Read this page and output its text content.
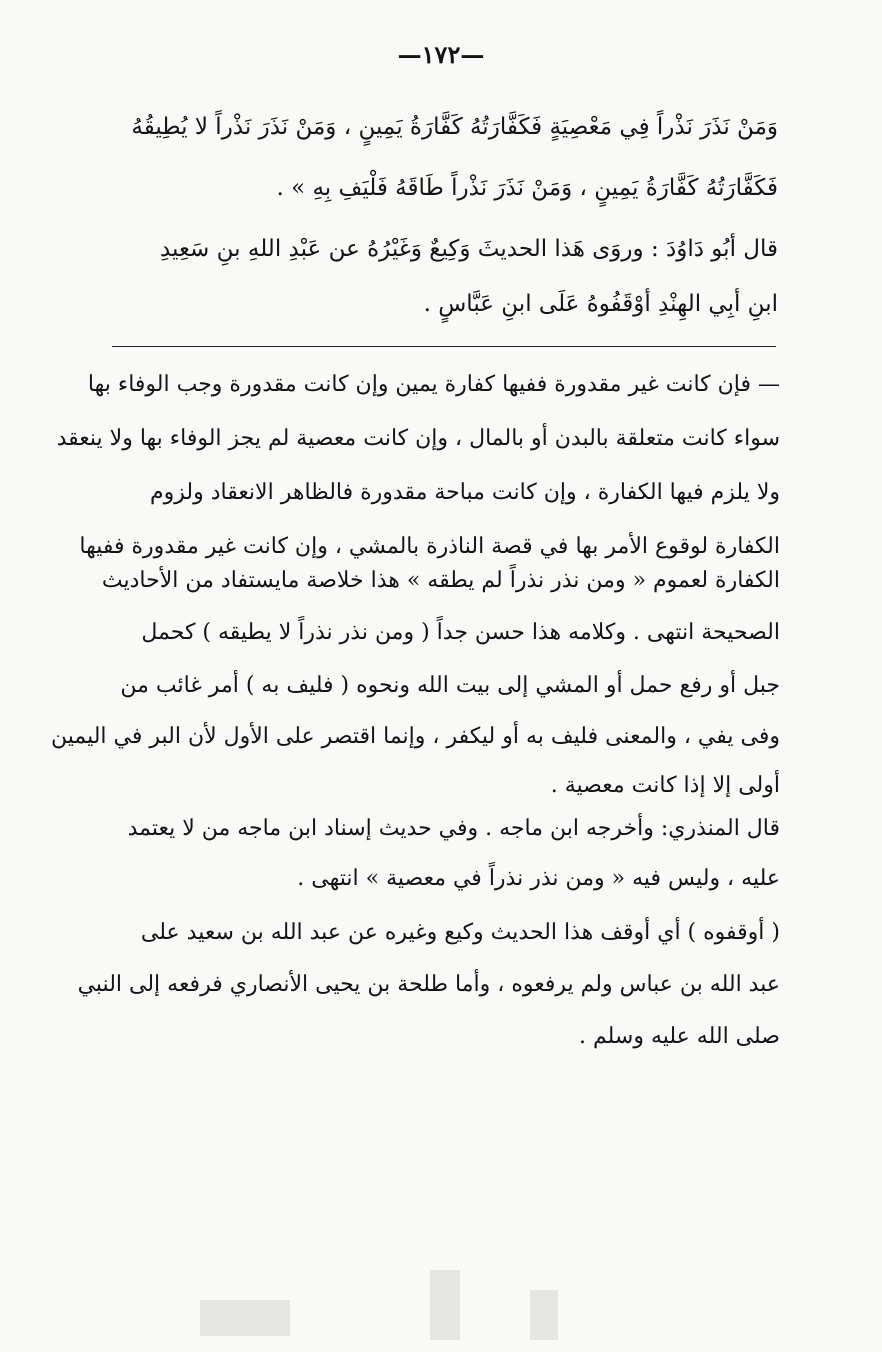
—١٧٢—
وَمَنْ نَذَرَ نَذْراً فِي مَعْصِيَةٍ فَكَفَّارَتُهُ كَفَّارَةُ يَمِينٍ ، وَمَنْ نَذَرَ نَذْراً لا يُطِيقُهُ
فَكَفَّارَتُهُ كَفَّارَةُ يَمِينٍ ، وَمَنْ نَذَرَ نَذْراً طَاقَهُ فَلْيَفِ بِهِ » .
قال أبُو دَاوُدَ : وروَى هَذا الحديثَ وَكِيعٌ وَغَيْرُهُ عن عَبْدِ اللهِ بنِ سَعِيدِ
ابنِ أبِي الهِنْدِ أوْقَفُوهُ عَلَى ابنِ عَبَّاسٍ .
— فإن كانت غير مقدورة ففيها كفارة يمين وإن كانت مقدورة وجب الوفاء بها
سواء كانت متعلقة بالبدن أو بالمال ، وإن كانت معصية لم يجز الوفاء بها ولا ينعقد
ولا يلزم فيها الكفارة ، وإن كانت مباحة مقدورة فالظاهر الانعقاد ولزوم
الكفارة لوقوع الأمر بها في قصة الناذرة بالمشي ، وإن كانت غير مقدورة ففيها
الكفارة لعموم « ومن نذر نذراً لم يطقه » هذا خلاصة مايستفاد من الأحاديث
الصحيحة انتهى . وكلامه هذا حسن جداً ( ومن نذر نذراً لا يطيقه ) كحمل
جبل أو رفع حمل أو المشي إلى بيت الله ونحوه ( فليف به ) أمر غائب من
وفى يفي ، والمعنى فليف به أو ليكفر ، وإنما اقتصر على الأول لأن البر في اليمين
أولى إلا إذا كانت معصية .
قال المنذري: وأخرجه ابن ماجه . وفي حديث إسناد ابن ماجه من لا يعتمد
عليه ، وليس فيه « ومن نذر نذراً في معصية » انتهى .
( أوقفوه ) أي أوقف هذا الحديث وكيع وغيره عن عبد الله بن سعيد على
عبد الله بن عباس ولم يرفعوه ، وأما طلحة بن يحيى الأنصاري فرفعه إلى النبي
صلى الله عليه وسلم .
